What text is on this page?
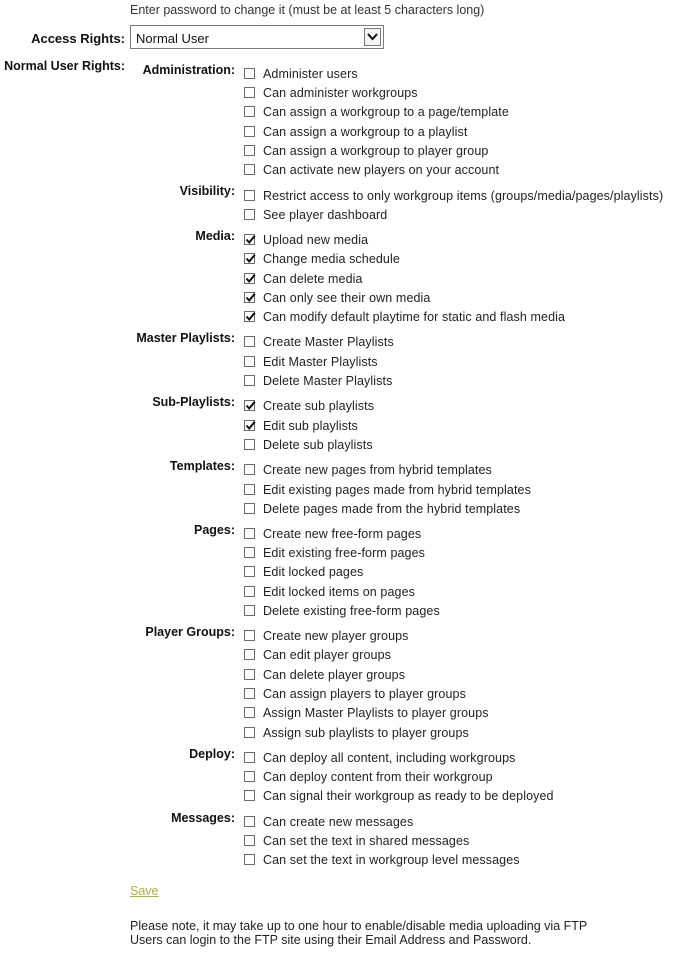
Enter password to change it (must be at least 5 characters long)
Access Rights: Normal User
Normal User Rights: Administration: Administer users
Can administer workgroups
Can assign a workgroup to a page/template
Can assign a workgroup to a playlist
Can assign a workgroup to player group
Can activate new players on your account
Visibility: Restrict access to only workgroup items (groups/media/pages/playlists)
See player dashboard
Media: Upload new media
Change media schedule
Can delete media
Can only see their own media
Can modify default playtime for static and flash media
Master Playlists: Create Master Playlists
Edit Master Playlists
Delete Master Playlists
Sub-Playlists: Create sub playlists
Edit sub playlists
Delete sub playlists
Templates: Create new pages from hybrid templates
Edit existing pages made from hybrid templates
Delete pages made from the hybrid templates
Pages: Create new free-form pages
Edit existing free-form pages
Edit locked pages
Edit locked items on pages
Delete existing free-form pages
Player Groups: Create new player groups
Can edit player groups
Can delete player groups
Can assign players to player groups
Assign Master Playlists to player groups
Assign sub playlists to player groups
Deploy: Can deploy all content, including workgroups
Can deploy content from their workgroup
Can signal their workgroup as ready to be deployed
Messages: Can create new messages
Can set the text in shared messages
Can set the text in workgroup level messages
Save
Please note, it may take up to one hour to enable/disable media uploading via FTP
Users can login to the FTP site using their Email Address and Password.
